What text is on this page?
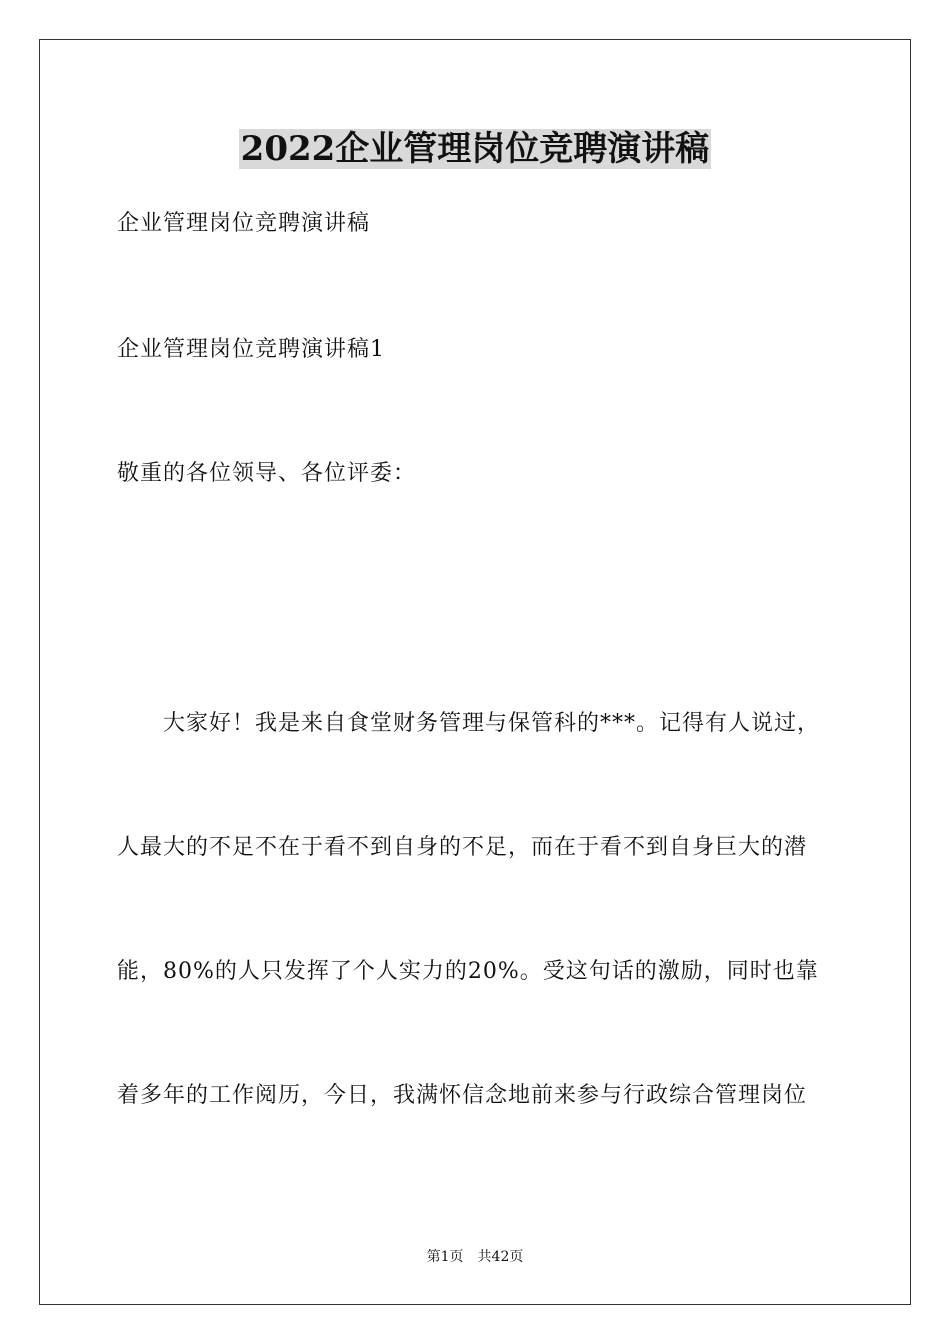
2022企业管理岗位竞聘演讲稿
企业管理岗位竞聘演讲稿
企业管理岗位竞聘演讲稿1
敬重的各位领导、各位评委：
　　大家好！我是来自食堂财务管理与保管科的***。记得有人说过，
人最大的不足不在于看不到自身的不足，而在于看不到自身巨大的潜
能，80%的人只发挥了个人实力的20%。受这句话的激励，同时也靠
着多年的工作阅历，今日，我满怀信念地前来参与行政综合管理岗位
第1页　共42页
